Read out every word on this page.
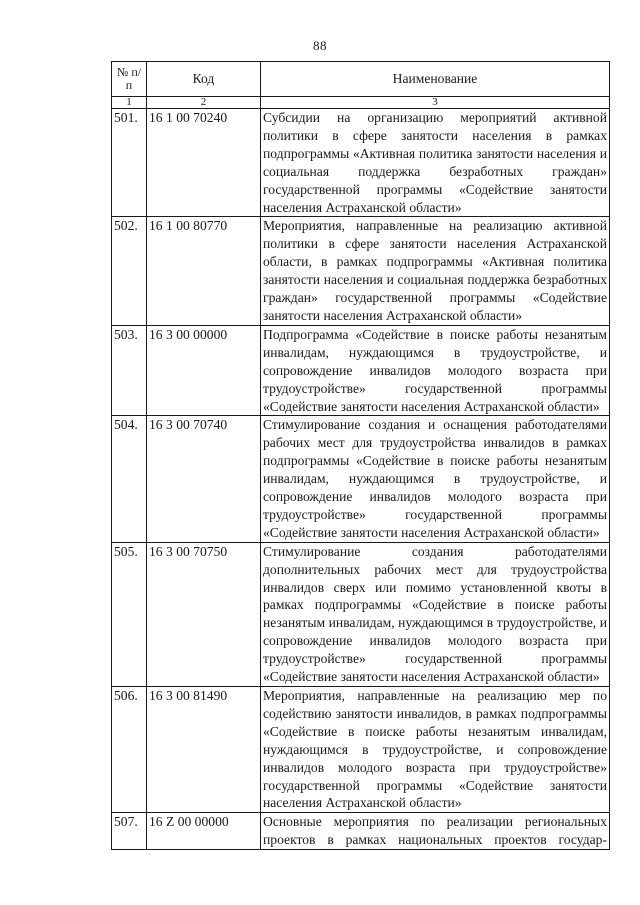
88
№ п/п	Код	Наименование
1	2	3
501.	16 1 00 70240	Субсидии на организацию мероприятий активной политики в сфере занятости населения в рамках подпрограммы «Активная политика занятости населения и социальная поддержка безработных граждан» государственной программы «Содействие занятости населения Астраханской области»
502.	16 1 00 80770	Мероприятия, направленные на реализацию активной политики в сфере занятости населения Астраханской области, в рамках подпрограммы «Активная политика занятости населения и социальная поддержка безработных граждан» государственной программы «Содействие занятости населения Астраханской области»
503.	16 3 00 00000	Подпрограмма «Содействие в поиске работы незанятым инвалидам, нуждающимся в трудоустройстве, и сопровождение инвалидов молодого возраста при трудоустройстве» государственной программы «Содействие занятости населения Астраханской области»
504.	16 3 00 70740	Стимулирование создания и оснащения работодателями рабочих мест для трудоустройства инвалидов в рамках подпрограммы «Содействие в поиске работы незанятым инвалидам, нуждающимся в трудоустройстве, и сопровождение инвалидов молодого возраста при трудоустройстве» государственной программы «Содействие занятости населения Астраханской области»
505.	16 3 00 70750	Стимулирование создания работодателями дополнительных рабочих мест для трудоустройства инвалидов сверх или помимо установленной квоты в рамках подпрограммы «Содействие в поиске работы незанятым инвалидам, нуждающимся в трудоустройстве, и сопровождение инвалидов молодого возраста при трудоустройстве» государственной программы «Содействие занятости населения Астраханской области»
506.	16 3 00 81490	Мероприятия, направленные на реализацию мер по содействию занятости инвалидов, в рамках подпрограммы «Содействие в поиске работы незанятым инвалидам, нуждающимся в трудоустройстве, и сопровождение инвалидов молодого возраста при трудоустройстве» государственной программы «Содействие занятости населения Астраханской области»
507.	16 Z 00 00000	Основные мероприятия по реализации региональных проектов в рамках национальных проектов государ-
